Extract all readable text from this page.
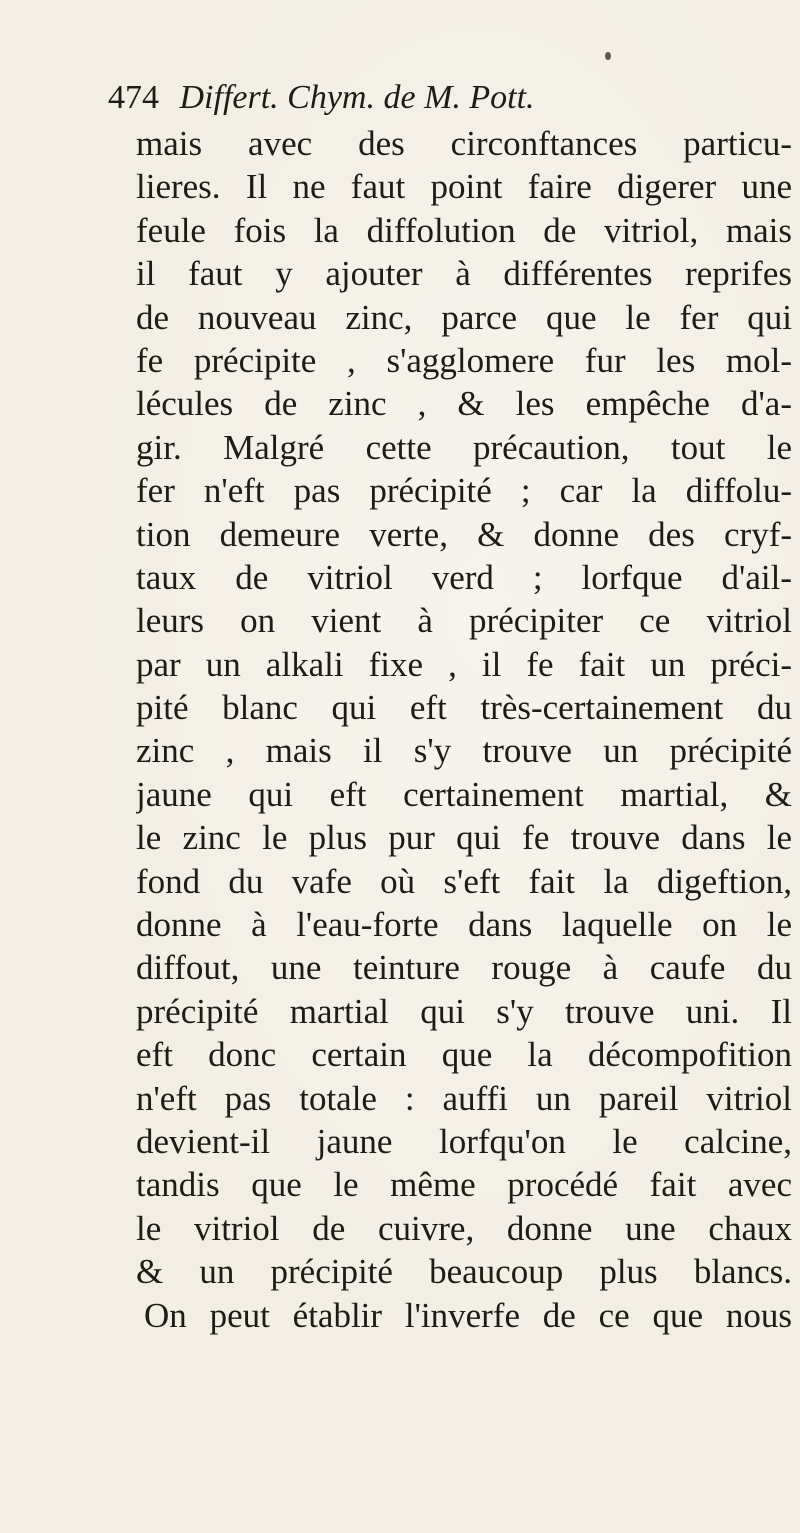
474 Differt. Chym. de M. Pott.
mais avec des circonftances particu-
lieres. Il ne faut point faire digerer une
feule fois la diffolution de vitriol, mais
il faut y ajouter à différentes reprifes
de nouveau zinc, parce que le fer qui
fe précipite , s'agglomere fur les mol-
lécules de zinc , & les empêche d'a-
gir. Malgré cette précaution, tout le
fer n'eft pas précipité ; car la diffolu-
tion demeure verte, & donne des cryf-
taux de vitriol verd ; lorfque d'ail-
leurs on vient à précipiter ce vitriol
par un alkali fixe , il fe fait un préci-
pité blanc qui eft très-certainement du
zinc , mais il s'y trouve un précipité
jaune qui eft certainement martial, &
le zinc le plus pur qui fe trouve dans le
fond du vafe où s'eft fait la digeftion,
donne à l'eau-forte dans laquelle on le
diffout, une teinture rouge à caufe du
précipité martial qui s'y trouve uni. Il
eft donc certain que la décompofition
n'eft pas totale : auffi un pareil vitriol
devient-il jaune lorfqu'on le calcine,
tandis que le même procédé fait avec
le vitriol de cuivre, donne une chaux
& un précipité beaucoup plus blancs.
On peut établir l'inverfe de ce que nous
